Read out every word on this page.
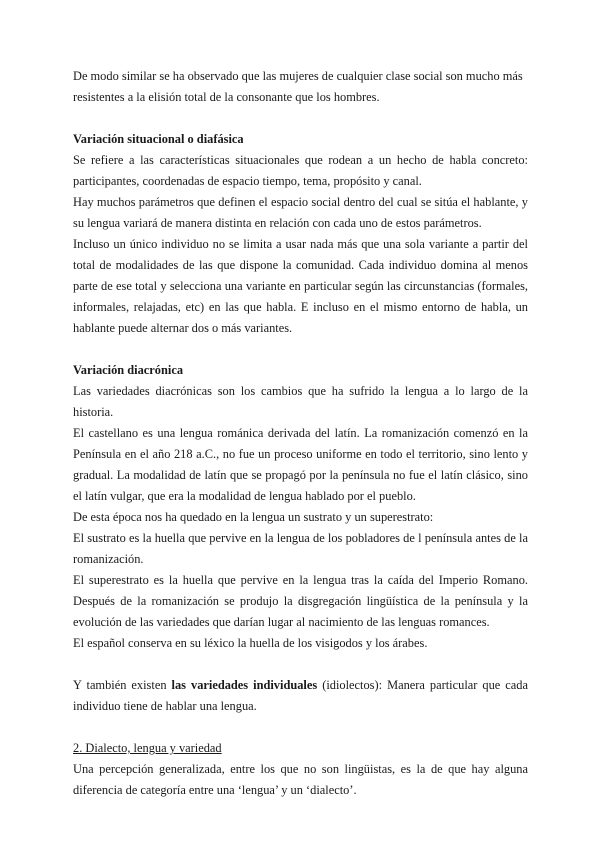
De modo similar se ha observado que las mujeres de cualquier clase social son mucho más resistentes a la elisión total de la consonante que los hombres.

Variación situacional o diafásica

Se refiere a las características situacionales que rodean a un hecho de habla concreto: participantes, coordenadas de espacio tiempo, tema, propósito y canal.

Hay muchos parámetros que definen el espacio social dentro del cual se sitúa el hablante, y su lengua variará de manera distinta en relación con cada uno de estos parámetros.

Incluso un único individuo no se limita a usar nada más que una sola variante a partir del total de modalidades de las que dispone la comunidad. Cada individuo domina al menos parte de ese total y selecciona una variante en particular según las circunstancias (formales, informales, relajadas, etc) en las que habla. E incluso en el mismo entorno de habla, un hablante puede alternar dos o más variantes.

Variación diacrónica

Las variedades diacrónicas son los cambios que ha sufrido la lengua a lo largo de la historia.

El castellano es una lengua románica derivada del latín. La romanización comenzó en la Península en el año 218 a.C., no fue un proceso uniforme en todo el territorio, sino lento y gradual. La modalidad de latín que se propagó por la península no fue el latín clásico, sino el latín vulgar, que era la modalidad de lengua hablado por el pueblo.

De esta época nos ha quedado en la lengua un sustrato y un superestrato:

El sustrato es la huella que pervive en la lengua de los pobladores de l península antes de la romanización.

El superestrato es la huella que pervive en la lengua tras la caída del Imperio Romano. Después de la romanización se produjo la disgregación lingüística de la península y la evolución de las variedades que darían lugar al nacimiento de las lenguas romances.

El español conserva en su léxico la huella de los visigodos y los árabes.

Y también existen las variedades individuales (idiolectos): Manera particular que cada individuo tiene de hablar una lengua.

2. Dialecto, lengua y variedad

Una percepción generalizada, entre los que no son lingüistas, es la de que hay alguna diferencia de categoría entre una ‘lengua’ y un ‘dialecto’.
